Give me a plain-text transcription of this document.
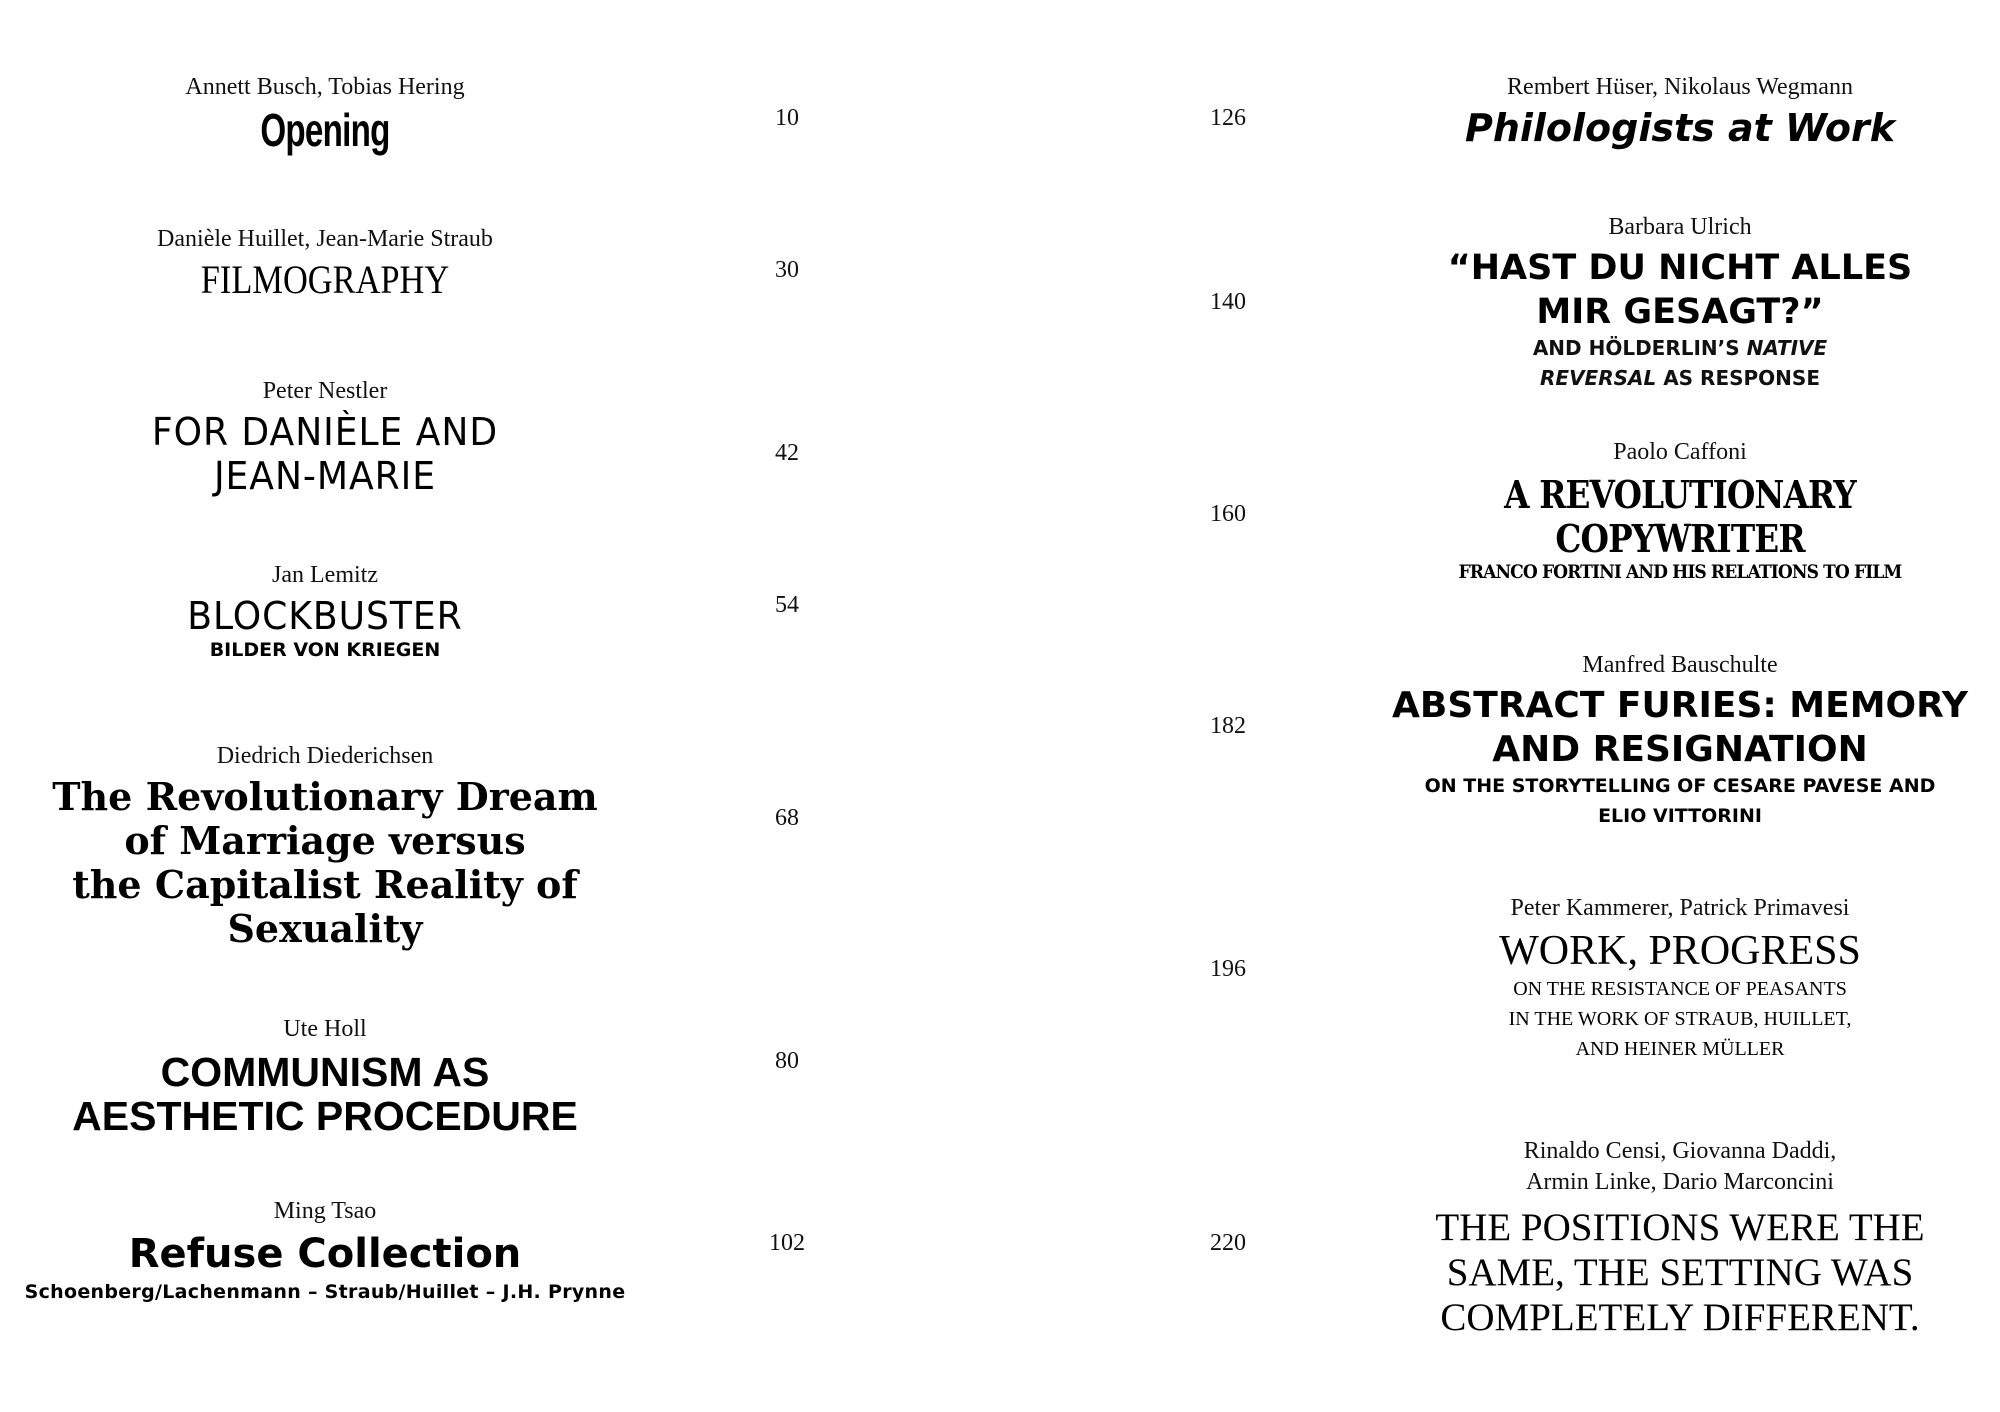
Annett Busch, Tobias Hering
Opening
Danièle Huillet, Jean-Marie Straub
FILMOGRAPHY
Peter Nestler
FOR DANIÈLE AND
JEAN-MARIE
Jan Lemitz
BLOCKBUSTER
BILDER VON KRIEGEN
Diedrich Diederichsen
The Revolutionary Dream
of Marriage versus
the Capitalist Reality of
Sexuality
Ute Holl
COMMUNISM AS
AESTHETIC PROCEDURE
Ming Tsao
Refuse Collection
Schoenberg/Lachenmann – Straub/Huillet – J.H. Prynne
10
30
42
54
68
80
102
126
140
160
182
196
220
Rembert Hüser, Nikolaus Wegmann
Philologists at Work
Barbara Ulrich
“HAST DU NICHT ALLES
MIR GESAGT?”
AND HÖLDERLIN’S NATIVE
REVERSAL AS RESPONSE
Paolo Caffoni
A REVOLUTIONARY
COPYWRITER
FRANCO FORTINI AND HIS RELATIONS TO FILM
Manfred Bauschulte
ABSTRACT FURIES: MEMORY
AND RESIGNATION
ON THE STORYTELLING OF CESARE PAVESE AND
ELIO VITTORINI
Peter Kammerer, Patrick Primavesi
WORK, PROGRESS
ON THE RESISTANCE OF PEASANTS
IN THE WORK OF STRAUB, HUILLET,
AND HEINER MÜLLER
Rinaldo Censi, Giovanna Daddi,
Armin Linke, Dario Marconcini
THE POSITIONS WERE THE
SAME, THE SETTING WAS
COMPLETELY DIFFERENT.
